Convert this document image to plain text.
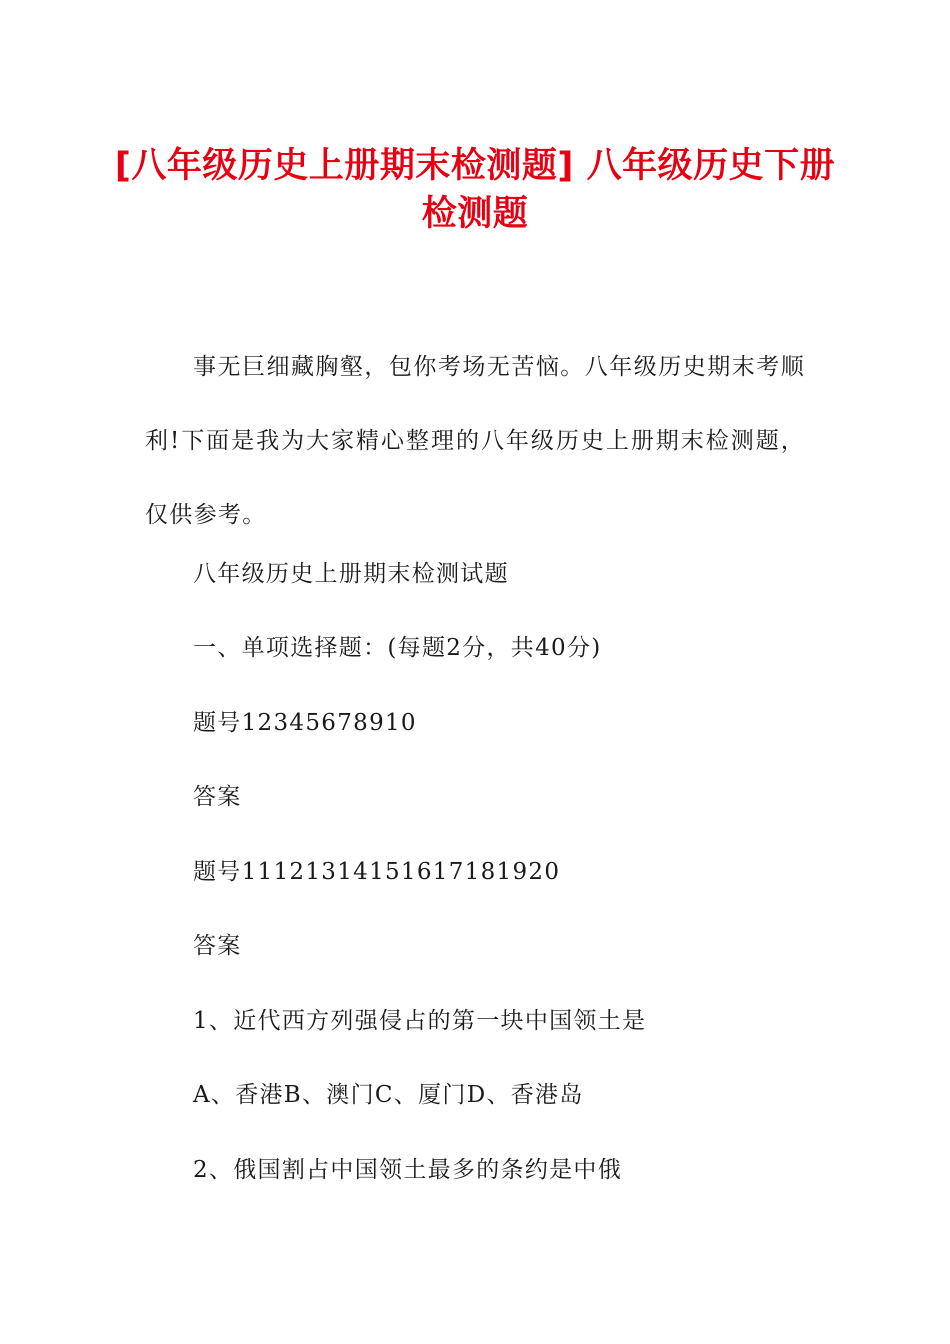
[八年级历史上册期末检测题] 八年级历史下册检测题

事无巨细藏胸壑，包你考场无苦恼。八年级历史期末考顺利!下面是我为大家精心整理的八年级历史上册期末检测题，仅供参考。

八年级历史上册期末检测试题

一、单项选择题：(每题2分，共40分)

题号12345678910

答案

题号11121314151617181920

答案

1、近代西方列强侵占的第一块中国领土是

A、香港B、澳门C、厦门D、香港岛

2、俄国割占中国领土最多的条约是中俄
